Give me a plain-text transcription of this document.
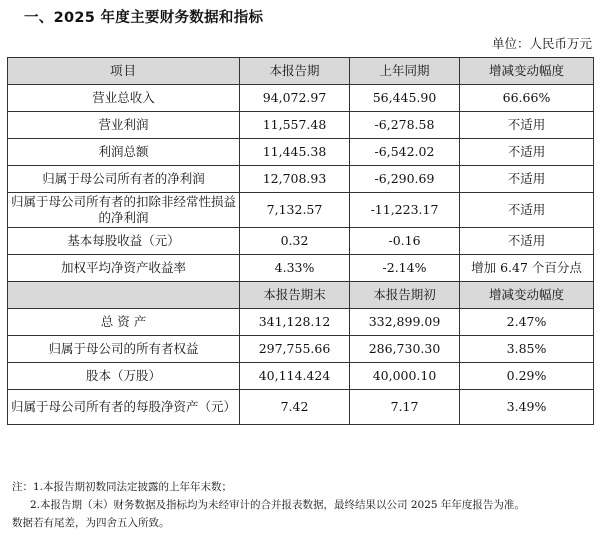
一、2025 年度主要财务数据和指标
单位：人民币万元
项目	本报告期	上年同期	增减变动幅度
营业总收入	94,072.97	56,445.90	66.66%
营业利润	11,557.48	-6,278.58	不适用
利润总额	11,445.38	-6,542.02	不适用
归属于母公司所有者的净利润	12,708.93	-6,290.69	不适用
归属于母公司所有者的扣除非经常性损益的净利润	7,132.57	-11,223.17	不适用
基本每股收益（元）	0.32	-0.16	不适用
加权平均净资产收益率	4.33%	-2.14%	增加 6.47 个百分点
	本报告期末	本报告期初	增减变动幅度
总 资 产	341,128.12	332,899.09	2.47%
归属于母公司的所有者权益	297,755.66	286,730.30	3.85%
股本（万股）	40,114.424	40,000.10	0.29%
归属于母公司所有者的每股净资产（元）	7.42	7.17	3.49%

注：1.本报告期初数同法定披露的上年年末数；

2.本报告期（末）财务数据及指标均为未经审计的合并报表数据，最终结果以公司 2025 年年度报告为准。

数据若有尾差，为四舍五入所致。
